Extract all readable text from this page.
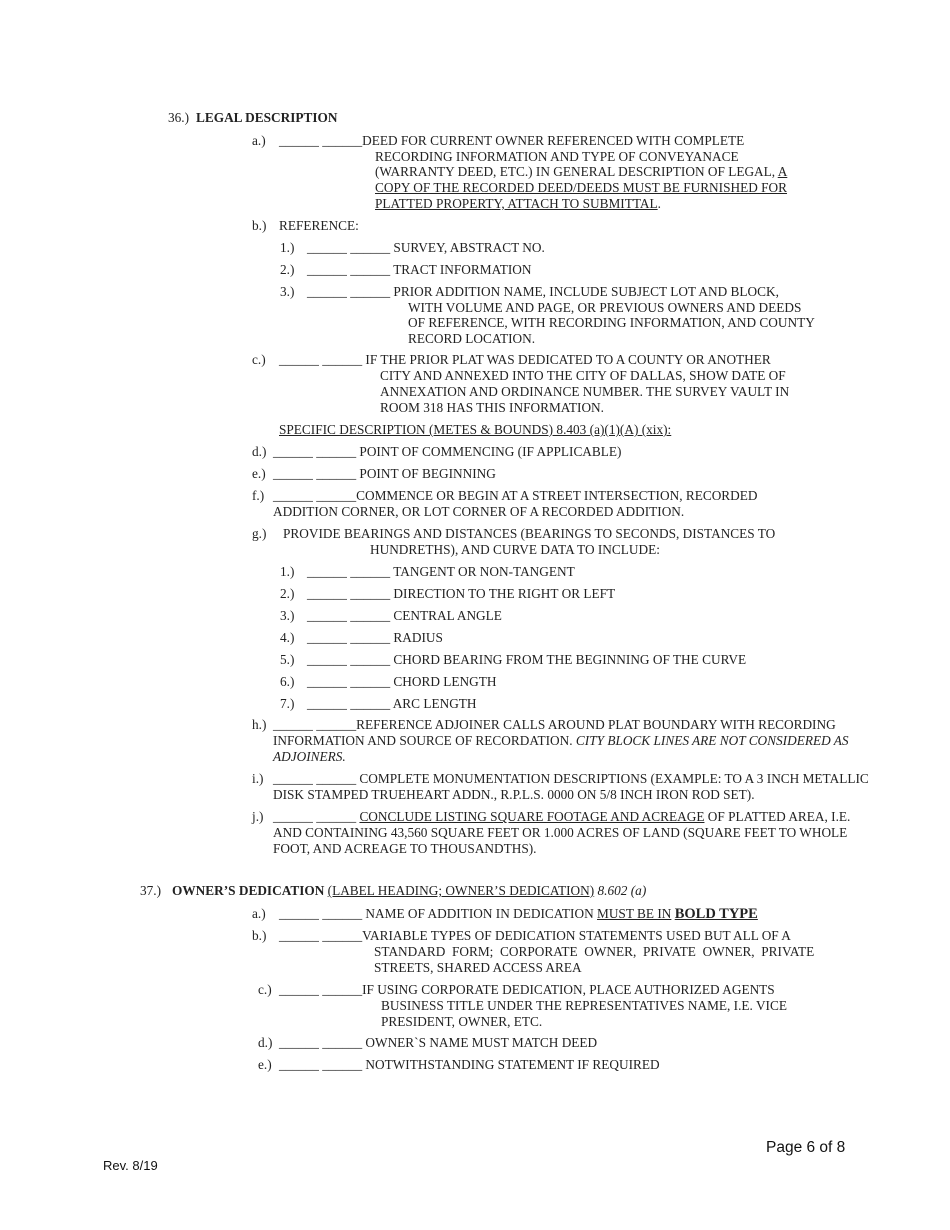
36.) LEGAL DESCRIPTION
a.) ______ ______DEED FOR CURRENT OWNER REFERENCED WITH COMPLETE
RECORDING INFORMATION AND TYPE OF CONVEYANACE
(WARRANTY DEED, ETC.) IN GENERAL DESCRIPTION OF LEGAL, A
COPY OF THE RECORDED DEED/DEEDS MUST BE FURNISHED FOR
PLATTED PROPERTY, ATTACH TO SUBMITTAL.
b.) REFERENCE:
1.) ______ ______ SURVEY, ABSTRACT NO.
2.) ______ ______ TRACT INFORMATION
3.) ______ ______ PRIOR ADDITION NAME, INCLUDE SUBJECT LOT AND BLOCK,
WITH VOLUME AND PAGE, OR PREVIOUS OWNERS AND DEEDS
OF REFERENCE, WITH RECORDING INFORMATION, AND COUNTY
RECORD LOCATION.
c.) ______ ______ IF THE PRIOR PLAT WAS DEDICATED TO A COUNTY OR ANOTHER
CITY AND ANNEXED INTO THE CITY OF DALLAS, SHOW DATE OF
ANNEXATION AND ORDINANCE NUMBER. THE SURVEY VAULT IN
ROOM 318 HAS THIS INFORMATION.
SPECIFIC DESCRIPTION (METES & BOUNDS) 8.403 (a)(1)(A) (xix):
d.) ______ ______ POINT OF COMMENCING (IF APPLICABLE)
e.) ______ ______ POINT OF BEGINNING
f.) ______ ______COMMENCE OR BEGIN AT A STREET INTERSECTION, RECORDED
ADDITION CORNER, OR LOT CORNER OF A RECORDED ADDITION.
g.) PROVIDE BEARINGS AND DISTANCES (BEARINGS TO SECONDS, DISTANCES TO
HUNDRETHS), AND CURVE DATA TO INCLUDE:
1.) ______ ______ TANGENT OR NON-TANGENT
2.) ______ ______ DIRECTION TO THE RIGHT OR LEFT
3.) ______ ______ CENTRAL ANGLE
4.) ______ ______ RADIUS
5.) ______ ______ CHORD BEARING FROM THE BEGINNING OF THE CURVE
6.) ______ ______ CHORD LENGTH
7.) ______ ______ ARC LENGTH
h.) ______ ______REFERENCE ADJOINER CALLS AROUND PLAT BOUNDARY WITH RECORDING
INFORMATION AND SOURCE OF RECORDATION. CITY BLOCK LINES ARE NOT CONSIDERED AS
ADJOINERS.
i.) ______ ______ COMPLETE MONUMENTATION DESCRIPTIONS (EXAMPLE: TO A 3 INCH METALLIC
DISK STAMPED TRUEHEART ADDN., R.P.L.S. 0000 ON 5/8 INCH IRON ROD SET).
j.) ______ ______ CONCLUDE LISTING SQUARE FOOTAGE AND ACREAGE OF PLATTED AREA, I.E.
AND CONTAINING 43,560 SQUARE FEET OR 1.000 ACRES OF LAND (SQUARE FEET TO WHOLE
FOOT, AND ACREAGE TO THOUSANDTHS).
37.) OWNER’S DEDICATION (LABEL HEADING; OWNER’S DEDICATION) 8.602 (a)
a.) ______ ______ NAME OF ADDITION IN DEDICATION MUST BE IN BOLD TYPE
b.) ______ ______VARIABLE TYPES OF DEDICATION STATEMENTS USED BUT ALL OF A
STANDARD  FORM;  CORPORATE  OWNER,  PRIVATE  OWNER,  PRIVATE
STREETS, SHARED ACCESS AREA
c.) ______ ______IF USING CORPORATE DEDICATION, PLACE AUTHORIZED AGENTS
BUSINESS TITLE UNDER THE REPRESENTATIVES NAME, I.E. VICE
PRESIDENT, OWNER, ETC.
d.) ______ ______ OWNER`S NAME MUST MATCH DEED
e.) ______ ______ NOTWITHSTANDING STATEMENT IF REQUIRED
Page 6 of 8
Rev. 8/19
